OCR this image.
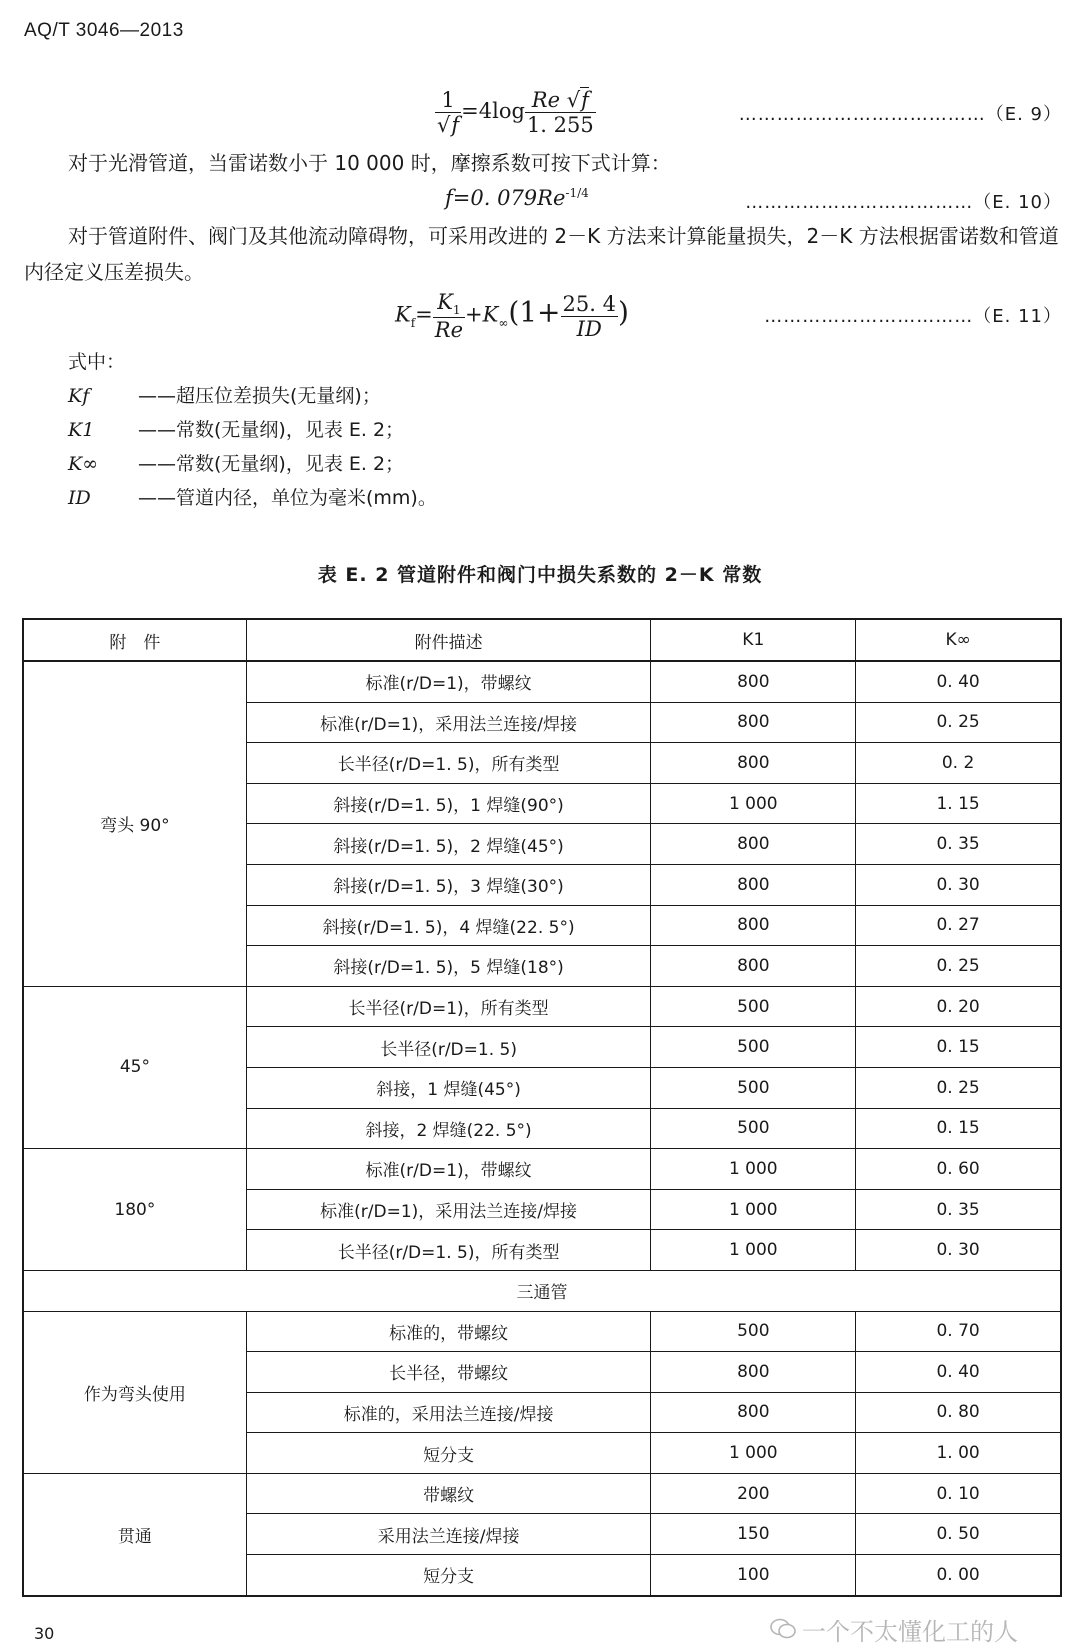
AQ/T 3046—2013
$\frac{1}{√f} =4\log \frac{Re √f}{1. 255}$	…………………………………（E. 9）
对于光滑管道，当雷诺数小于 10 000 时，摩擦系数可按下式计算：
f=0. $079Re^{-1/4}$	………………………………（E. 10）
对于管道附件、阀门及其他流动障碍物，可采用改进的 2－K 方法来计算能量损失，2－K 方法根据雷诺数和管道内径定义压差损失。
$K_f= \frac{K_1}{Re} +K_\infty(1+ \frac{25. 4}{ID}$ )	……………………………（E. 11）
式中：
Kf	——超压位差损失(无量纲)；
K1 ——常数(无量纲)，见表 E. 2；
K∞ ——常数(无量纲)，见表 E. 2；
ID ——管道内径，单位为毫米(mm)。
表 E. 2 管道附件和阀门中损失系数的 2－K 常数
附　件	附件描述	K1	K∞
弯头 90°	标准(r/D=1)，带螺纹	800	0. 40
	标准(r/D=1)，采用法兰连接/焊接	800	0. 25
	长半径(r/D=1. 5)，所有类型	800	0. 2
	斜接(r/D=1. 5)，1 焊缝(90°)	1 000	1. 15
	斜接(r/D=1. 5)，2 焊缝(45°)	800	0. 35
	斜接(r/D=1. 5)，3 焊缝(30°)	800	0. 30
	斜接(r/D=1. 5)，4 焊缝(22. 5°)	800	0. 27
	斜接(r/D=1. 5)，5 焊缝(18°)	800	0. 25
45°	长半径(r/D=1)，所有类型	500	0. 20
	长半径(r/D=1. 5)	500	0. 15
	斜接，1 焊缝(45°)	500	0. 25
	斜接，2 焊缝(22. 5°)	500	0. 15
180°	标准(r/D=1)，带螺纹	1 000	0. 60
	标准(r/D=1)，采用法兰连接/焊接	1 000	0. 35
	长半径(r/D=1. 5)，所有类型	1 000	0. 30
三通管			
作为弯头使用	标准的，带螺纹	500	0. 70
	长半径，带螺纹	800	0. 40
	标准的，采用法兰连接/焊接	800	0. 80
	短分支	1 000	1. 00
贯通	带螺纹	200	0. 10
	采用法兰连接/焊接	150	0. 50
	短分支	100	0. 00
30	一个不太懂化工的人
